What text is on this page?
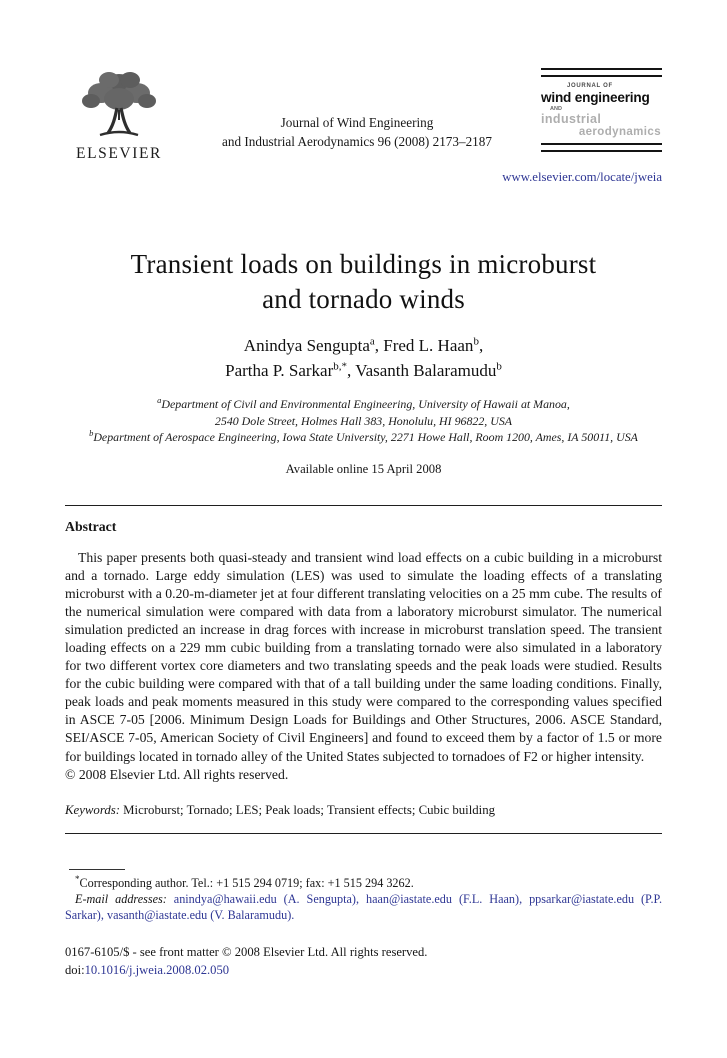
ELSEVIER
Journal of Wind Engineering
and Industrial Aerodynamics 96 (2008) 2173–2187
JOURNAL OF
wind engineering
AND
industrial
aerodynamics
www.elsevier.com/locate/jweia
Transient loads on buildings in microburst
and tornado winds
Anindya Sengupta$^a$, Fred L. Haan$^b$,
Partha P. Sarkar$^{b,*}$, Vasanth Balaramudu$^b$
$^a$Department of Civil and Environmental Engineering, University of Hawaii at Manoa,
2540 Dole Street, Holmes Hall 383, Honolulu, HI 96822, USA
$^b$Department of Aerospace Engineering, Iowa State University, 2271 Howe Hall, Room 1200, Ames, IA 50011, USA
Available online 15 April 2008
Abstract

This paper presents both quasi-steady and transient wind load effects on a cubic building in a microburst and a tornado. Large eddy simulation (LES) was used to simulate the loading effects of a translating microburst with a 0.20-m-diameter jet at four different translating velocities on a 25 mm cube. The results of the numerical simulation were compared with data from a laboratory microburst simulator. The numerical simulation predicted an increase in drag forces with increase in microburst translation speed. The transient loading effects on a 229 mm cubic building from a translating tornado were also simulated in a laboratory for two different vortex core diameters and two translating speeds and the peak loads were studied. Results for the cubic building were compared with that of a tall building under the same loading conditions. Finally, peak loads and peak moments measured in this study were compared to the corresponding values specified in ASCE 7-05 [2006. Minimum Design Loads for Buildings and Other Structures, 2006. ASCE Standard, SEI/ASCE 7-05, American Society of Civil Engineers] and found to exceed them by a factor of 1.5 or more for buildings located in tornado alley of the United States subjected to tornadoes of F2 or higher intensity.

© 2008 Elsevier Ltd. All rights reserved.

Keywords: Microburst; Tornado; LES; Peak loads; Transient effects; Cubic building

*Corresponding author. Tel.: +1 515 294 0719; fax: +1 515 294 3262.

E-mail addresses: anindya@hawaii.edu (A. Sengupta), haan@iastate.edu (F.L. Haan), ppsarkar@iastate.edu (P.P. Sarkar), vasanth@iastate.edu (V. Balaramudu).

0167-6105/$ - see front matter © 2008 Elsevier Ltd. All rights reserved.
doi:10.1016/j.jweia.2008.02.050
